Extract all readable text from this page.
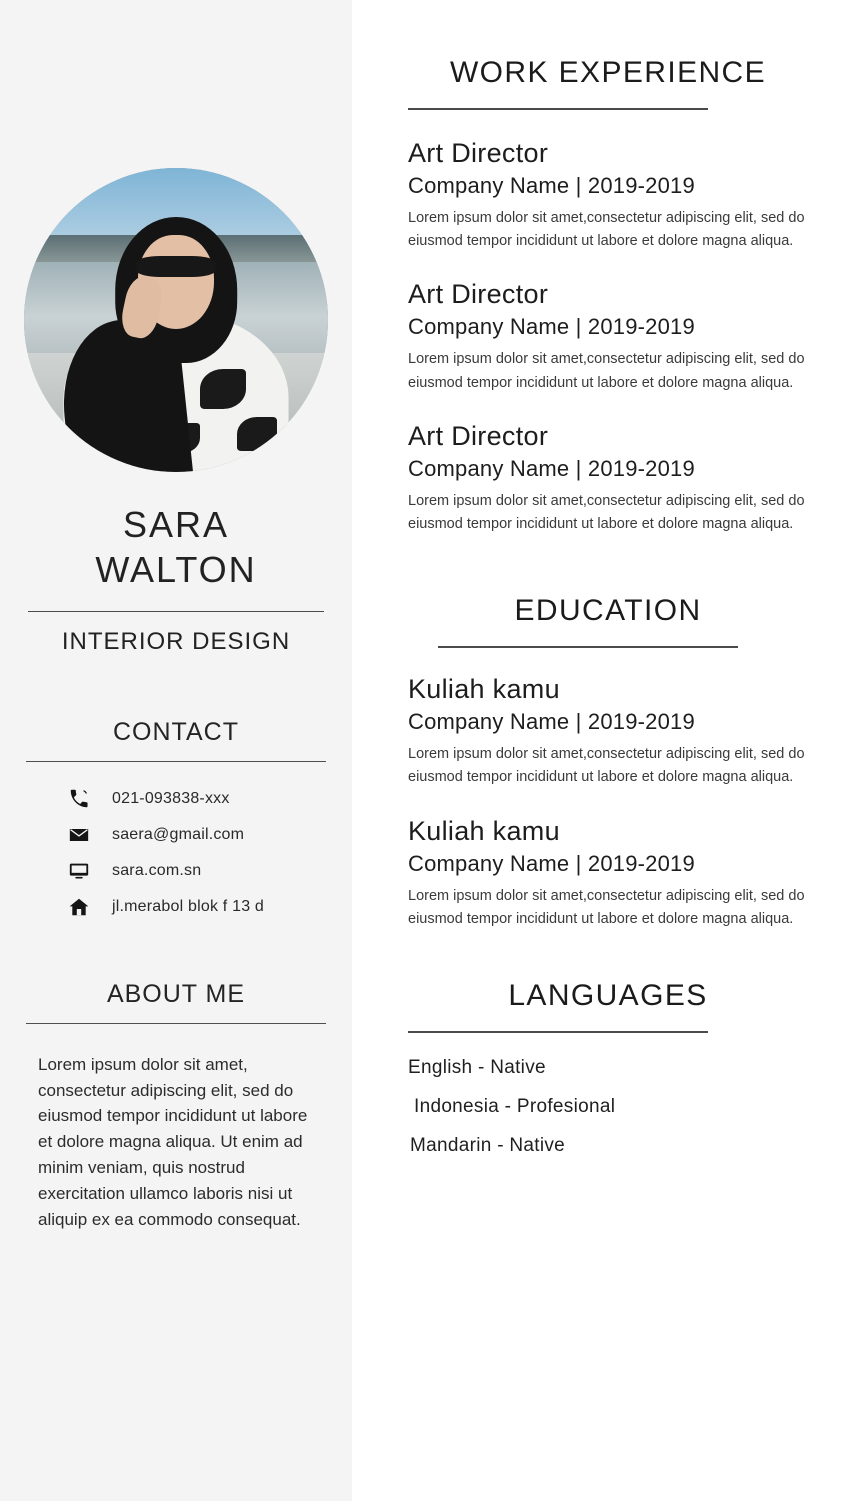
SARA
WALTON
INTERIOR DESIGN
CONTACT
021-093838-xxx
saera@gmail.com
sara.com.sn
jl.merabol blok f 13 d
ABOUT ME

Lorem ipsum dolor sit amet, consectetur adipiscing elit, sed do eiusmod tempor incididunt ut labore et dolore magna aliqua. Ut enim ad minim veniam, quis nostrud exercitation ullamco laboris nisi ut aliquip ex ea commodo consequat.

WORK EXPERIENCE
Art Director
Company Name | 2019-2019

Lorem ipsum dolor sit amet,consectetur adipiscing elit, sed do eiusmod tempor incididunt ut labore et dolore magna aliqua.

Art Director
Company Name | 2019-2019

Lorem ipsum dolor sit amet,consectetur adipiscing elit, sed do eiusmod tempor incididunt ut labore et dolore magna aliqua.

Art Director
Company Name | 2019-2019

Lorem ipsum dolor sit amet,consectetur adipiscing elit, sed do eiusmod tempor incididunt ut labore et dolore magna aliqua.

EDUCATION
Kuliah kamu
Company Name | 2019-2019

Lorem ipsum dolor sit amet,consectetur adipiscing elit, sed do eiusmod tempor incididunt ut labore et dolore magna aliqua.

Kuliah kamu
Company Name | 2019-2019

Lorem ipsum dolor sit amet,consectetur adipiscing elit, sed do eiusmod tempor incididunt ut labore et dolore magna aliqua.

LANGUAGES
English - Native
Indonesia - Profesional
Mandarin - Native
